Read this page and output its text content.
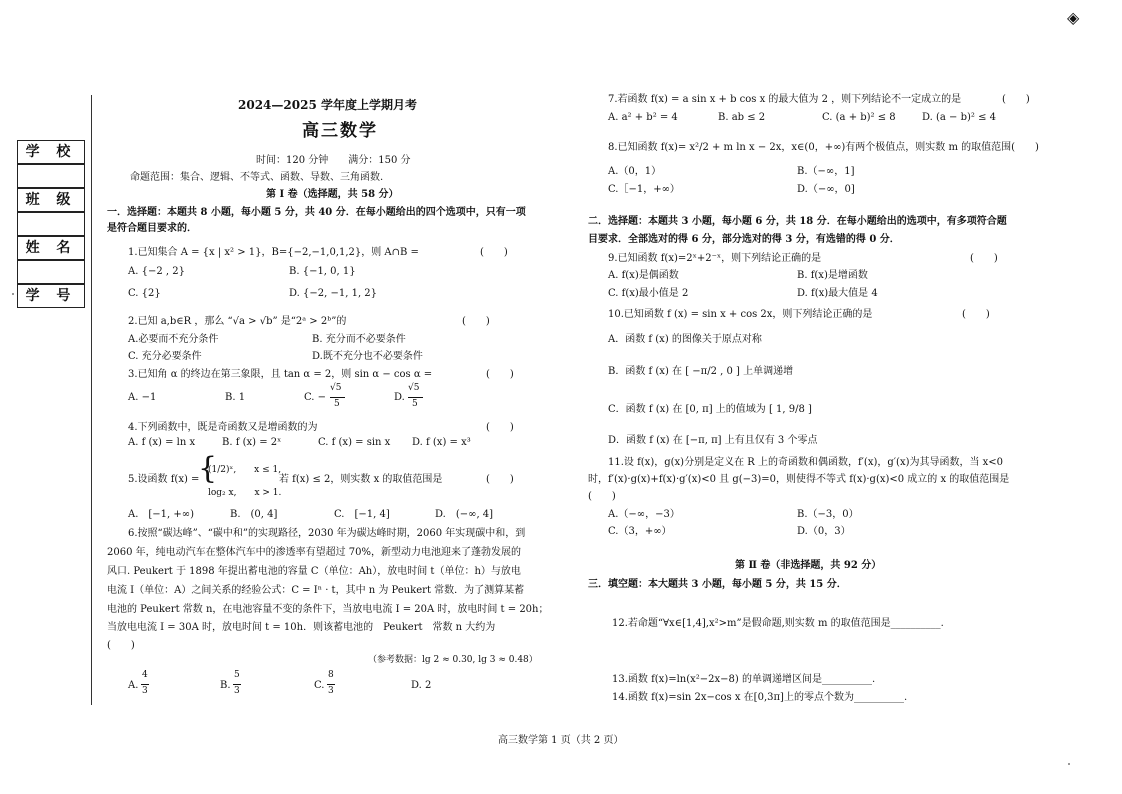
◈
学 校
班 级
姓 名
学 号
2024—2025 学年度上学期月考
高三数学
时间：120 分钟　　满分：150 分
命题范围：集合、逻辑、不等式、函数、导数、三角函数.
第 Ⅰ 卷（选择题，共 58 分）
一．选择题：本题共 8 小题，每小题 5 分，共 40 分．在每小题给出的四个选项中，只有一项
是符合题目要求的．
1.已知集合 A = {x | x² > 1}，B={−2,−1,0,1,2}，则 A∩B =	(　　)
A. {−2 , 2}	B. {−1, 0, 1}
C. {2}	D. {−2, −1, 1, 2}
2.已知 a,b∈R ，那么 “√a > √b” 是“2ᵃ > 2ᵇ”的	(　　)
A.必要而不充分条件	B. 充分而不必要条件
C. 充分必要条件	D.既不充分也不必要条件
3.已知角 α 的终边在第三象限，且 tan α = 2，则 sin α − cos α =	(　　)
A. −1	B. 1	C. −
√5
5
D.
√5
5
4.下列函数中，既是奇函数又是增函数的为	(　　)
A. f (x) = ln x	B. f (x) = 2ˣ	C. f (x) = sin x D. f (x) = x³
5.设函数 f(x) =
{
(1/2)ˣ,　　x ≤ 1,
log₂ x,　　x > 1.
若 f(x) ≤ 2，则实数 x 的取值范围是	(　　)
A.　[−1, +∞)	B.　(0, 4]	C.　[−1, 4]	D.　(−∞, 4]
6.按照“碳达峰”、“碳中和”的实现路径，2030 年为碳达峰时期，2060 年实现碳中和，到
2060 年，纯电动汽车在整体汽车中的渗透率有望超过 70%，新型动力电池迎来了蓬勃发展的
风口. Peukert 于 1898 年提出蓄电池的容量 C（单位：Ah），放电时间 t（单位：h）与放电
电流 I（单位：A）之间关系的经验公式：C = Iⁿ · t，其中 n 为 Peukert 常数．为了测算某蓄
电池的 Peukert 常数 n，在电池容量不变的条件下，当放电电流 I = 20A 时，放电时间 t = 20h；
当放电电流 I = 30A 时，放电时间 t = 10h．则该蓄电池的　Peukert　常数 n 大约为
(　　)
（参考数据：lg 2 ≈ 0.30, lg 3 ≈ 0.48）
A.
4
3	B.
5
3	C.
8
3	D. 2
7.若函数 f(x) = a sin x + b cos x 的最大值为 2 ，则下列结论不一定成立的是	(　　)
A. a² + b² = 4	B. ab ≤ 2	C. (a + b)² ≤ 8	D. (a − b)² ≤ 4
8.已知函数 f(x)= x²/2 + m ln x − 2x，x∈(0，+∞)有两个极值点，则实数 m 的取值范围(　　)
A.（0，1）	B.（−∞，1]
C.［−1，+∞）	D.（−∞，0]
二．选择题：本题共 3 小题，每小题 6 分，共 18 分．在每小题给出的选项中，有多项符合题
目要求．全部选对的得 6 分，部分选对的得 3 分，有选错的得 0 分．
9.已知函数 f(x)=2ˣ+2⁻ˣ，则下列结论正确的是	(　　)
A. f(x)是偶函数	B. f(x)是增函数
C. f(x)最小值是 2	D. f(x)最大值是 4
10.已知函数 f (x) = sin x + cos 2x，则下列结论正确的是	(　　)
A．函数 f (x) 的图像关于原点对称
B．函数 f (x) 在 [ −π/2 , 0 ] 上单调递增
C．函数 f (x) 在 [0, π] 上的值域为 [ 1, 9/8 ]
D．函数 f (x) 在 [−π, π] 上有且仅有 3 个零点
11.设 f(x)，g(x)分别是定义在 R 上的奇函数和偶函数，f′(x)，g′(x)为其导函数，当 x<0
时，f′(x)·g(x)+f(x)·g′(x)<0 且 g(−3)=0，则使得不等式 f(x)·g(x)<0 成立的 x 的取值范围是
(　　)
A.（−∞，−3）	B.（−3，0）
C.（3，+∞）	D.（0，3）
第 Ⅱ 卷（非选择题，共 92 分）
三．填空题：本大题共 3 小题，每小题 5 分，共 15 分．
12.若命题“∀x∈[1,4],x²>m”是假命题,则实数 m 的取值范围是__________.
13.函数 f(x)=ln(x²−2x−8) 的单调递增区间是__________.
14.函数 f(x)=sin 2x−cos x 在[0,3π]上的零点个数为__________.
高三数学第 1 页（共 2 页）
